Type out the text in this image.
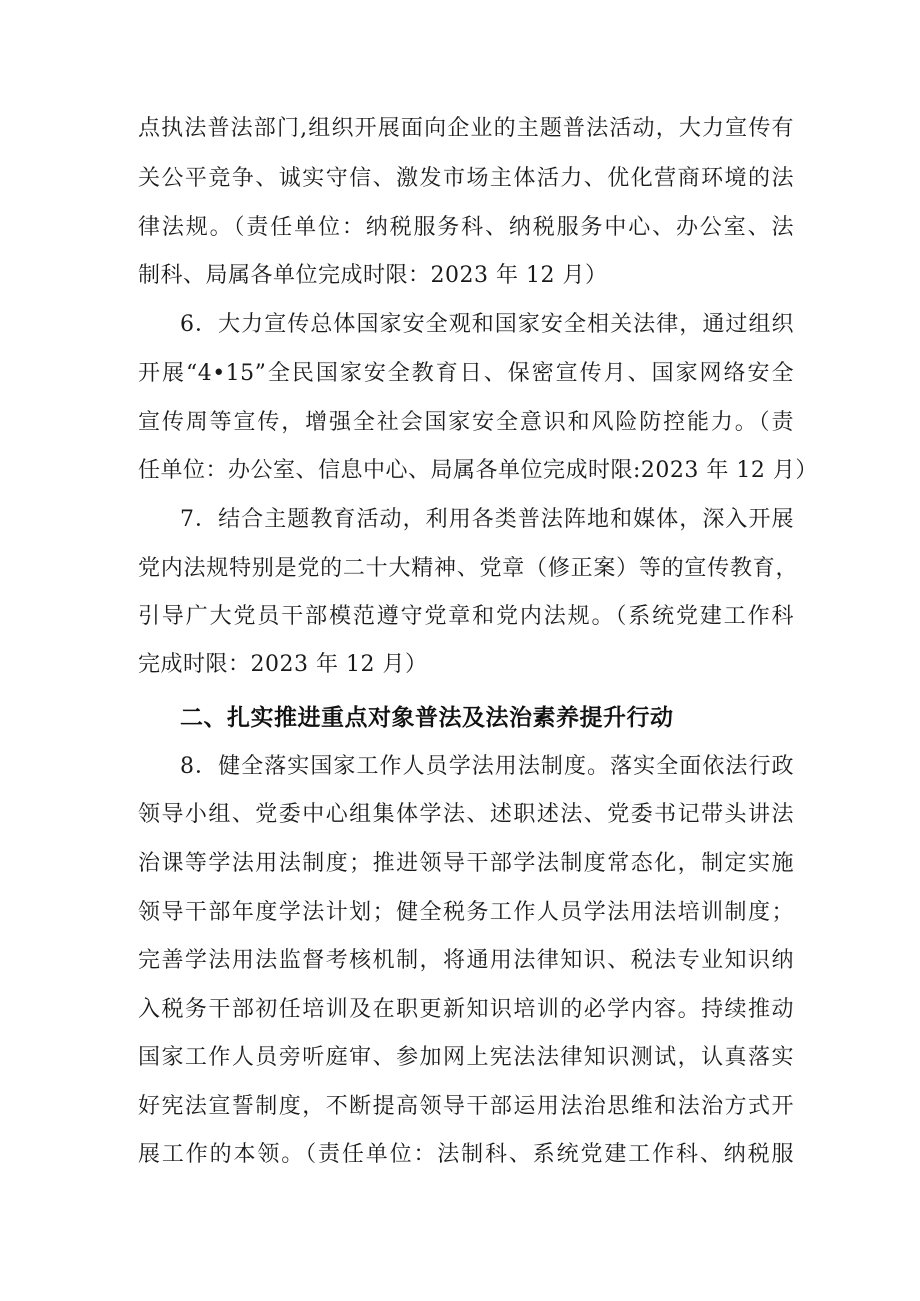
点执法普法部门,组织开展面向企业的主题普法活动，大力宣传有
关公平竞争、诚实守信、激发市场主体活力、优化营商环境的法
律法规。（责任单位：纳税服务科、纳税服务中心、办公室、法
制科、局属各单位完成时限：2023 年 12 月）
6．大力宣传总体国家安全观和国家安全相关法律，通过组织
开展“4•15”全民国家安全教育日、保密宣传月、国家网络安全
宣传周等宣传，增强全社会国家安全意识和风险防控能力。（责
任单位：办公室、信息中心、局属各单位完成时限:2023 年 12 月）
7．结合主题教育活动，利用各类普法阵地和媒体，深入开展
党内法规特别是党的二十大精神、党章（修正案）等的宣传教育，
引导广大党员干部模范遵守党章和党内法规。（系统党建工作科
完成时限：2023 年 12 月）
二、扎实推进重点对象普法及法治素养提升行动
8．健全落实国家工作人员学法用法制度。落实全面依法行政
领导小组、党委中心组集体学法、述职述法、党委书记带头讲法
治课等学法用法制度；推进领导干部学法制度常态化，制定实施
领导干部年度学法计划；健全税务工作人员学法用法培训制度；
完善学法用法监督考核机制，将通用法律知识、税法专业知识纳
入税务干部初任培训及在职更新知识培训的必学内容。持续推动
国家工作人员旁听庭审、参加网上宪法法律知识测试，认真落实
好宪法宣誓制度，不断提高领导干部运用法治思维和法治方式开
展工作的本领。（责任单位：法制科、系统党建工作科、纳税服
